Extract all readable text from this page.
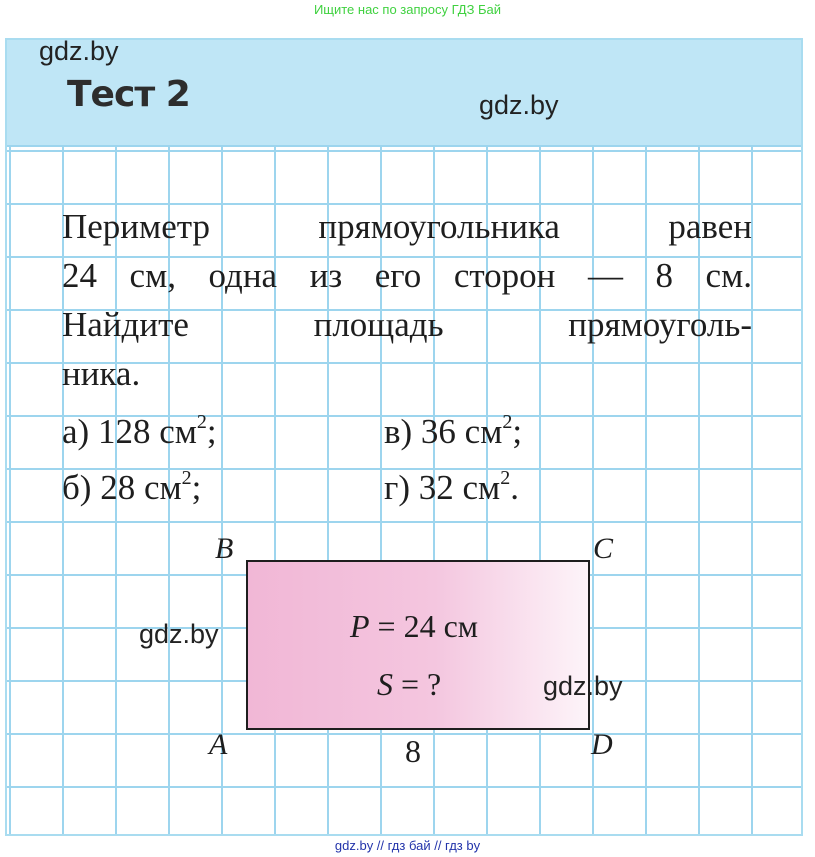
Ищите нас по запросу ГДЗ Бай
Тест 2
gdz.by
gdz.by

Периметр прямоугольника равен

24 см, одна из его сторон — 8 см.

Найдите площадь прямоуголь-

ника.

а) 128 $см^2$;	в) 36 $см^2$;
б) 28 $см^2$;	г) 32 $см^2$.
B	C
A	D
P = 24 см
S = ?
8
gdz.by
gdz.by
gdz.by // гдз бай // гдз by
